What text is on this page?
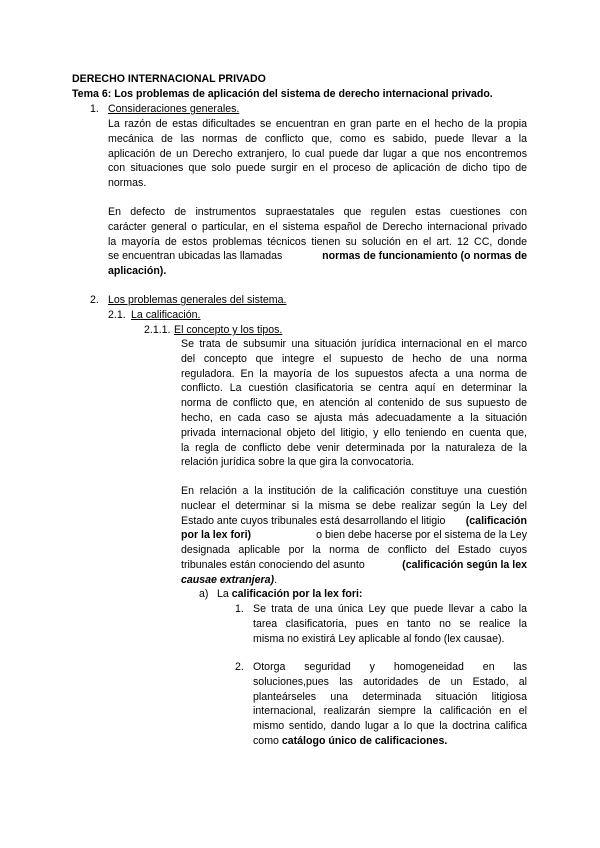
DERECHO INTERNACIONAL PRIVADO
Tema 6: Los problemas de aplicación del sistema de derecho internacional privado.
1. Consideraciones generales.
La razón de estas dificultades se encuentran en gran parte en el hecho de la propia
mecánica de las normas de conflicto que, como es sabido, puede llevar a la
aplicación de un Derecho extranjero, lo cual puede dar lugar a que nos encontremos
con situaciones que solo puede surgir en el proceso de aplicación de dicho tipo de
normas.
En defecto de instrumentos supraestatales que regulen estas cuestiones con
carácter general o particular, en el sistema español de Derecho internacional privado
la mayoría de estos problemas técnicos tienen su solución en el art. 12 CC, donde
se encuentran ubicadas las llamadas	normas de funcionamiento (o normas de
aplicación).
2. Los problemas generales del sistema.
2.1. La calificación.
2.1.1. El concepto y los tipos.
Se trata de subsumir una situación jurídica internacional en el marco
del concepto que integre el supuesto de hecho de una norma
reguladora. En la mayoría de los supuestos afecta a una norma de
conflicto. La cuestión clasificatoria se centra aquí en determinar la
norma de conflicto que, en atención al contenido de sus supuesto de
hecho, en cada caso se ajusta más adecuadamente a la situación
privada internacional objeto del litigio, y ello teniendo en cuenta que,
la regla de conflicto debe venir determinada por la naturaleza de la
relación jurídica sobre la que gira la convocatoria.
En relación a la institución de la calificación constituye una cuestión
nuclear el determinar si la misma se debe realizar según la Ley del
Estado ante cuyos tribunales está desarrollando el litigio (calificación
por la lex fori)	o bien debe hacerse por el sistema de la Ley
designada aplicable por la norma de conflicto del Estado cuyos
tribunales están conociendo del asunto	(calificación según la lex
causae extranjera).
a) La calificación por la lex fori:
1. Se trata de una única Ley que puede llevar a cabo la
tarea clasificatoria, pues en tanto no se realice la
misma no existirá Ley aplicable al fondo (lex causae).
2. Otorga    seguridad    y    homogeneidad    en    las
soluciones,pues las autoridades de un Estado, al
planteárseles una determinada situación litigiosa
internacional, realizarán siempre la calificación en el
mismo sentido, dando lugar a lo que la doctrina califica
como catálogo único de calificaciones.
